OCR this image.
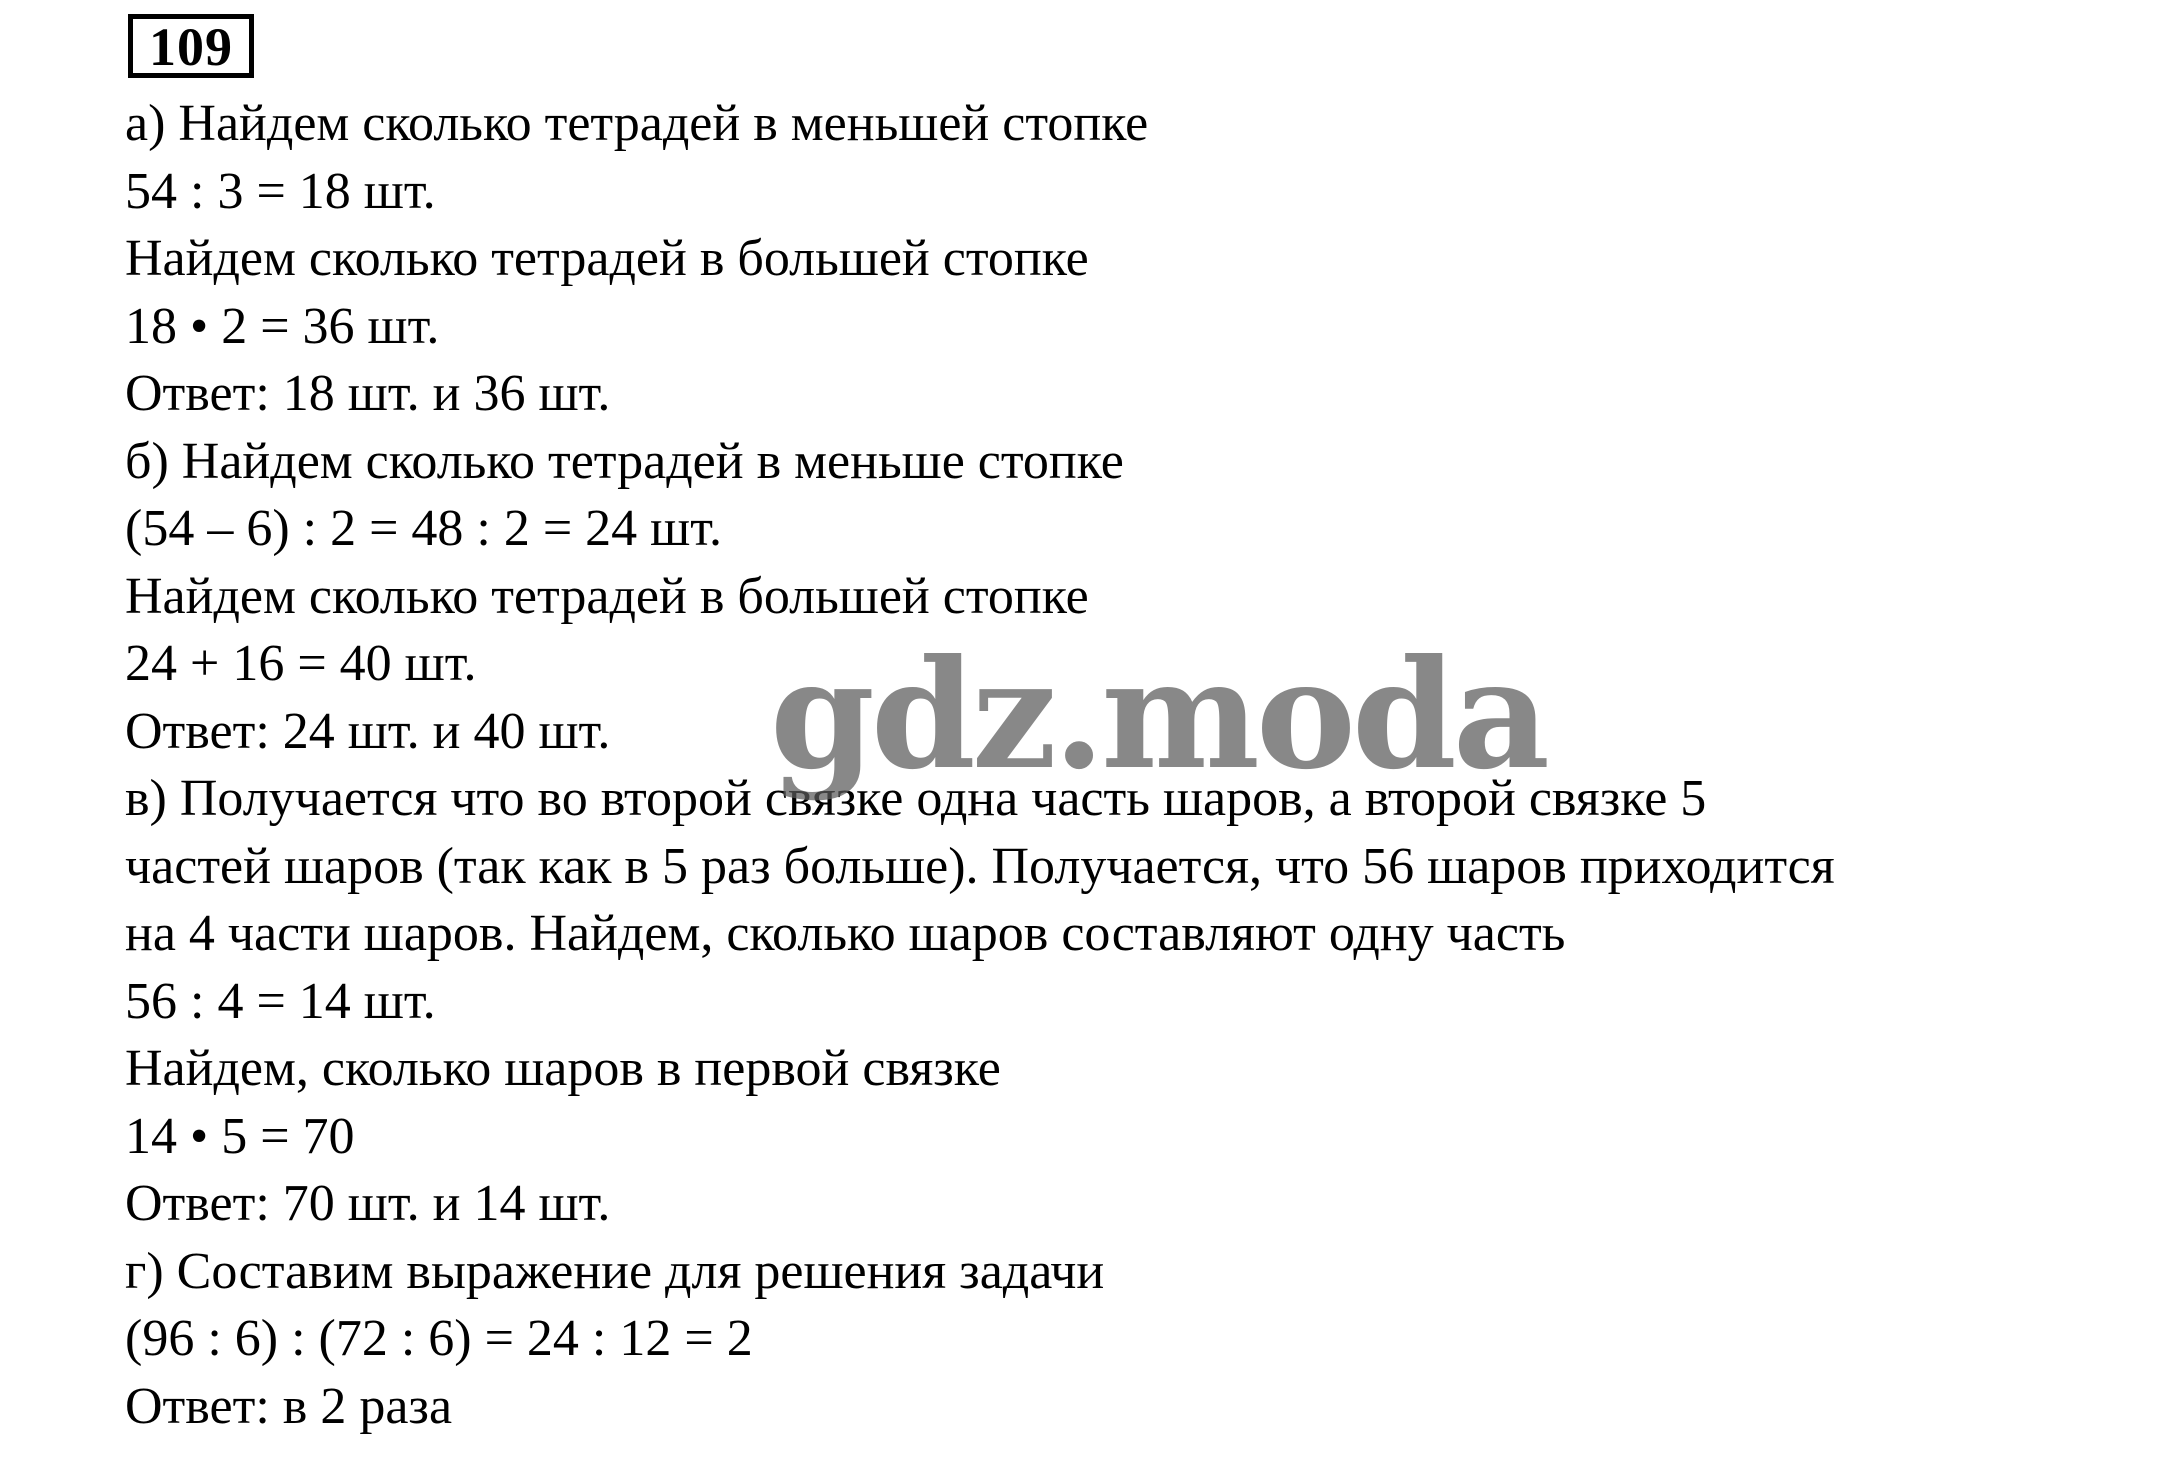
109
а) Найдем сколько тетрадей в меньшей стопке
54 : 3 = 18 шт.
Найдем сколько тетрадей в большей стопке
18 • 2 = 36 шт.
Ответ: 18 шт. и 36 шт.
б) Найдем сколько тетрадей в меньше стопке
(54 – 6) : 2 = 48 : 2 = 24 шт.
Найдем сколько тетрадей в большей стопке
24 + 16 = 40 шт.
Ответ: 24 шт. и 40 шт.
в) Получается что во второй связке одна часть шаров, а второй связке 5
частей шаров (так как в 5 раз больше). Получается, что 56 шаров приходится
на 4 части шаров. Найдем, сколько шаров составляют одну часть
56 : 4 = 14 шт.
Найдем, сколько шаров в первой связке
14 • 5 = 70
Ответ: 70 шт. и 14 шт.
г) Составим выражение для решения задачи
(96 : 6) : (72 : 6) = 24 : 12 = 2
Ответ: в 2 раза
gdz.moda
